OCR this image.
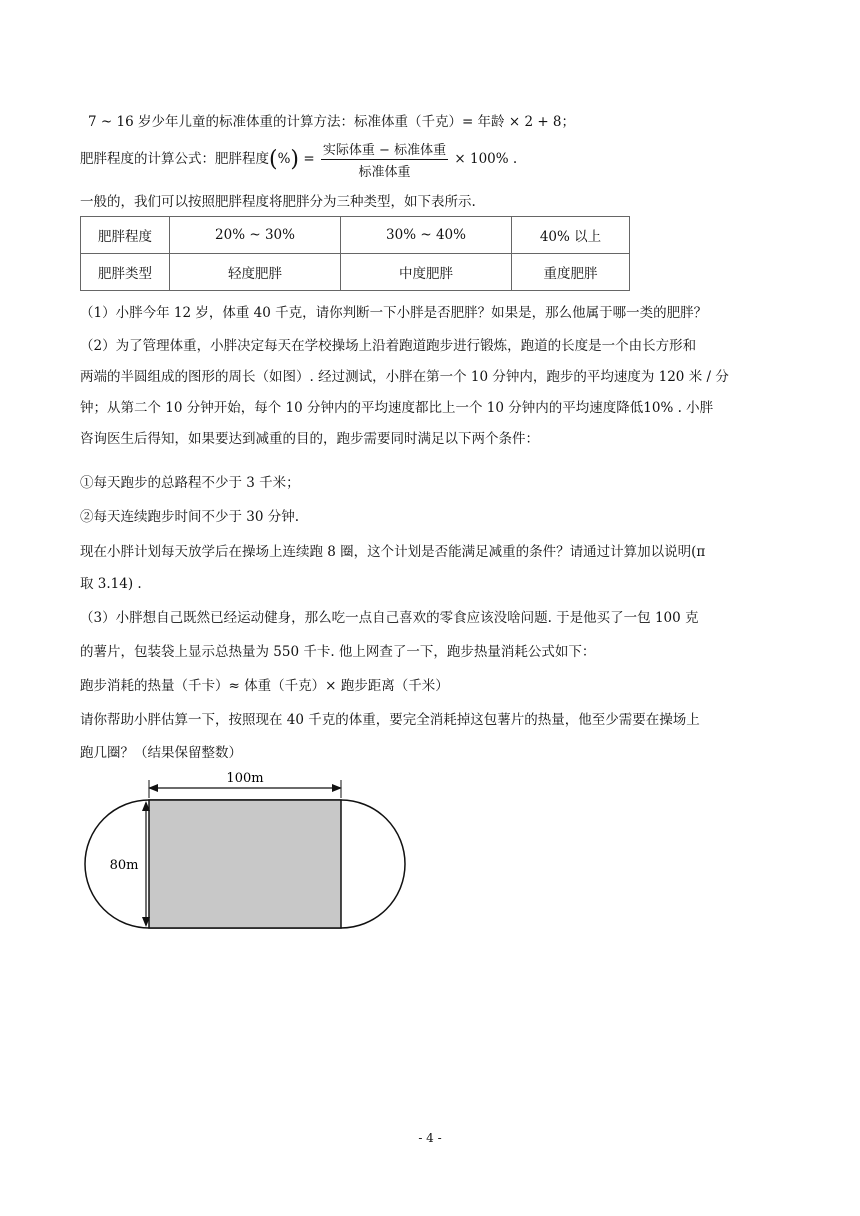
7 ~ 16 岁少年儿童的标准体重的计算方法：标准体重（千克）= 年龄 × 2 + 8；
肥胖程度的计算公式：肥胖程度(%) = $\frac{\text{实际体重 − 标准体重}}{\text{标准体重}} \times 100\%$ .
一般的，我们可以按照肥胖程度将肥胖分为三种类型，如下表所示.
肥胖程度	20% ~ 30%	30% ~ 40%	40% 以上
肥胖类型	轻度肥胖	中度肥胖	重度肥胖
（1）小胖今年 12 岁，体重 40 千克，请你判断一下小胖是否肥胖？如果是，那么他属于哪一类的肥胖？
（2）为了管理体重，小胖决定每天在学校操场上沿着跑道跑步进行锻炼，跑道的长度是一个由长方形和
两端的半圆组成的图形的周长（如图）. 经过测试，小胖在第一个 10 分钟内，跑步的平均速度为 120 米 / 分
钟；从第二个 10 分钟开始，每个 10 分钟内的平均速度都比上一个 10 分钟内的平均速度降低10% . 小胖
咨询医生后得知，如果要达到减重的目的，跑步需要同时满足以下两个条件：
①每天跑步的总路程不少于 3 千米；
②每天连续跑步时间不少于 30 分钟.
现在小胖计划每天放学后在操场上连续跑 8 圈，这个计划是否能满足减重的条件？请通过计算加以说明(π
取 3.14) .
（3）小胖想自己既然已经运动健身，那么吃一点自己喜欢的零食应该没啥问题. 于是他买了一包 100 克
的薯片，包装袋上显示总热量为 550 千卡. 他上网查了一下，跑步热量消耗公式如下：
跑步消耗的热量（千卡）≈ 体重（千克）× 跑步距离（千米）
请你帮助小胖估算一下，按照现在 40 千克的体重，要完全消耗掉这包薯片的热量，他至少需要在操场上
跑几圈？（结果保留整数）
100m
80m
- 4 -
